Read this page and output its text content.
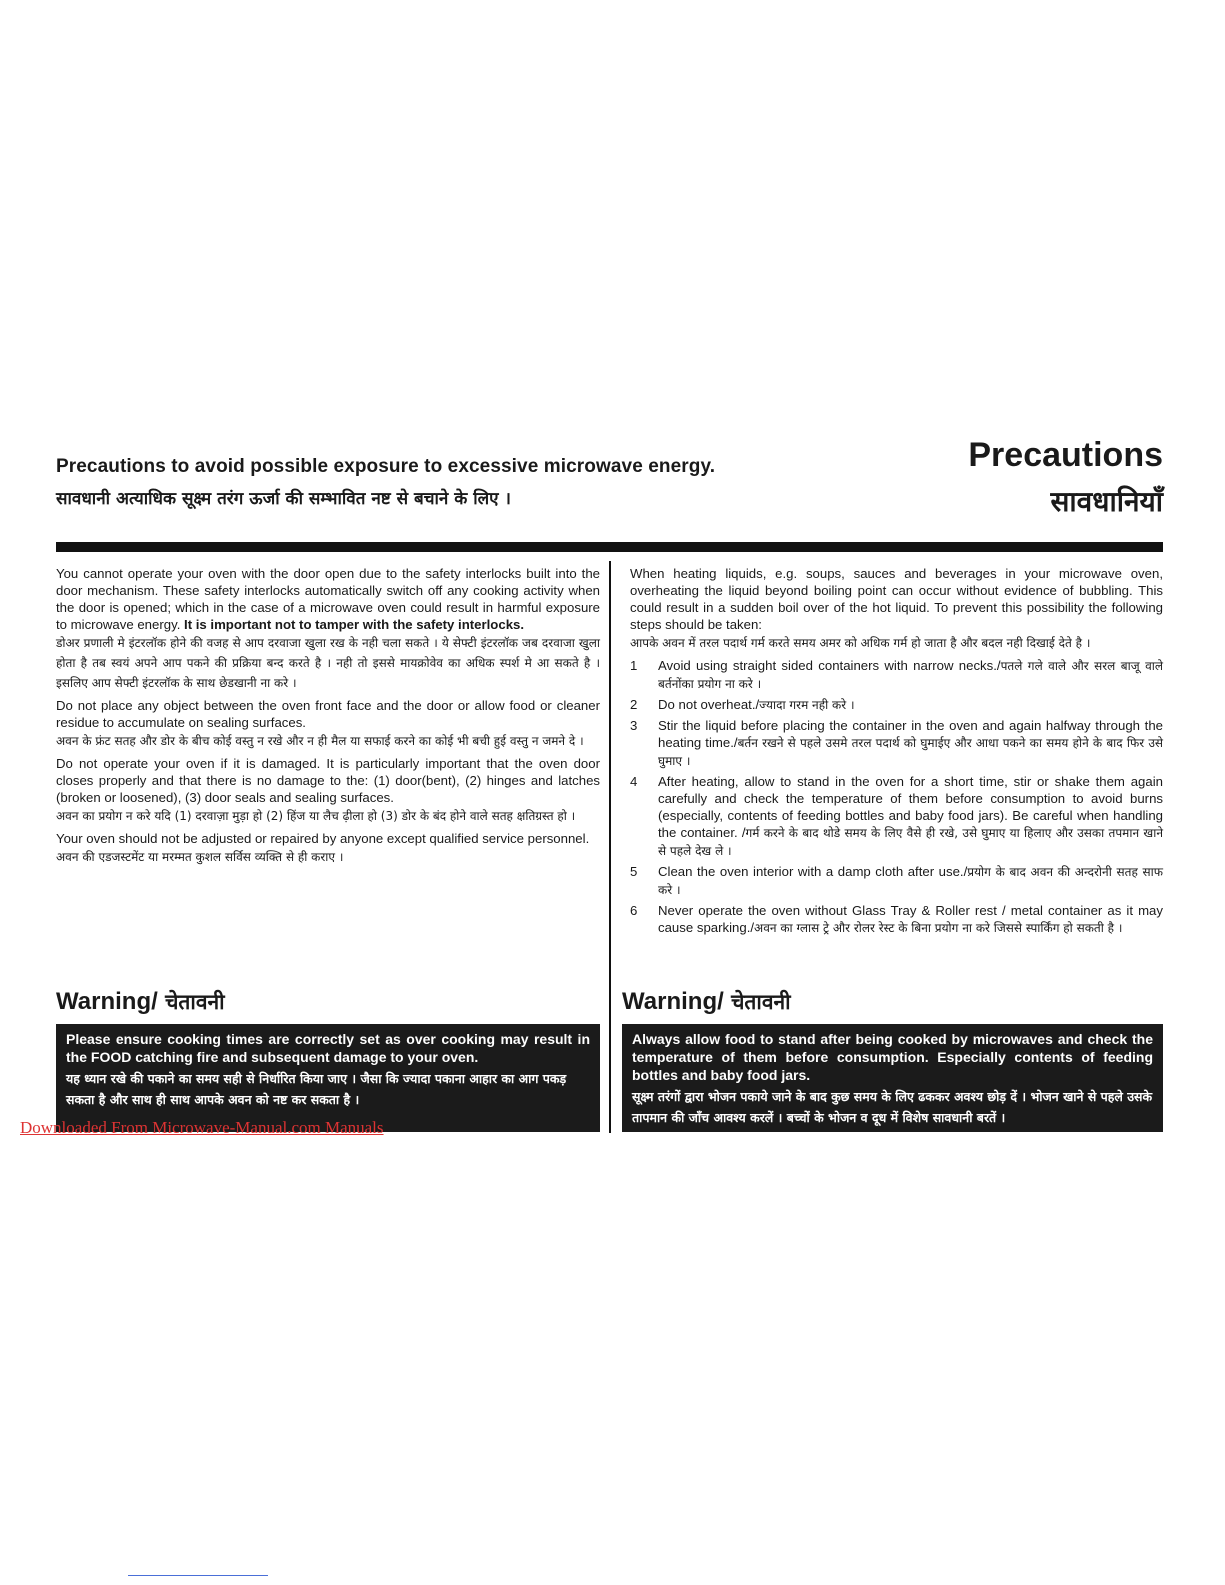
Precautions to avoid possible exposure to excessive microwave energy.
सावधानी अत्याधिक सूक्ष्म तरंग ऊर्जा की सम्भावित नष्ट से बचाने के लिए ।
Precautions
सावधानियाँ

You cannot operate your oven with the door open due to the safety interlocks built into the door mechanism. These safety interlocks automatically switch off any cooking activity when the door is opened; which in the case of a microwave oven could result in harmful exposure to microwave energy. It is important not to tamper with the safety interlocks.
डोअर प्रणाली मे इंटरलॉक होने की वजह से आप दरवाजा खुला रख के नही चला सकते । ये सेफ्टी इंटरलॉक जब दरवाजा खुला होता है तब स्वयं अपने आप पकने की प्रक्रिया बन्द करते है । नही तो इससे मायक्रोवेव का अधिक स्पर्श मे आ सकते है । इसलिए आप सेफ्टी इंटरलॉक के साथ छेडखानी ना करे ।

Do not place any object between the oven front face and the door or allow food or cleaner residue to accumulate on sealing surfaces.
अवन के फ्रंट सतह और डोर के बीच कोई वस्तु न रखे और न ही मैल या सफाई करने का कोई भी बची हुई वस्तु न जमने दे ।

Do not operate your oven if it is damaged. It is particularly important that the oven door closes properly and that there is no damage to the: (1) door(bent), (2) hinges and latches (broken or loosened), (3) door seals and sealing surfaces.
अवन का प्रयोग न करे यदि (1) दरवाज़ा मुड़ा हो (2) हिंज या लैच ढ़ीला हो (3) डोर के बंद होने वाले सतह क्षतिग्रस्त हो ।

Your oven should not be adjusted or repaired by anyone except qualified service personnel.
अवन की एडजस्टमेंट या मरम्मत कुशल सर्विस व्यक्ति से ही कराए ।

When heating liquids, e.g. soups, sauces and beverages in your microwave oven, overheating the liquid beyond boiling point can occur without evidence of bubbling. This could result in a sudden boil over of the hot liquid. To prevent this possibility the following steps should be taken:
आपके अवन में तरल पदार्थ गर्म करते समय अमर को अधिक गर्म हो जाता है और बदल नही दिखाई देते है ।

1 Avoid using straight sided containers with narrow necks./पतले गले वाले और सरल बाजू वाले बर्तनोंका प्रयोग ना करे ।
2 Do not overheat./ज्यादा गरम नही करे ।
3 Stir the liquid before placing the container in the oven and again halfway through the heating time./बर्तन रखने से पहले उसमे तरल पदार्थ को घुमाईए और आधा पकने का समय होने के बाद फिर उसे घुमाए ।
4 After heating, allow to stand in the oven for a short time, stir or shake them again carefully and check the temperature of them before consumption to avoid burns (especially, contents of feeding bottles and baby food jars). Be careful when handling the container. /गर्म करने के बाद थोडे समय के लिए वैसे ही रखे, उसे घुमाए या हिलाए और उसका तपमान खाने से पहले देख ले ।
5 Clean the oven interior with a damp cloth after use./प्रयोग के बाद अवन की अन्दरोनी सतह साफ करे ।
6 Never operate the oven without Glass Tray & Roller rest / metal container as it may cause sparking./अवन का ग्लास ट्रे और रोलर रेस्ट के बिना प्रयोग ना करे जिससे स्पार्किंग हो सकती है ।
Warning/ चेतावनी	Warning/ चेतावनी
Please ensure cooking times are correctly set as over cooking may result in the FOOD catching fire and subsequent damage to your oven.
यह ध्यान रखे की पकाने का समय सही से निर्धारित किया जाए । जैसा कि ज्यादा पकाना आहार का आग पकड़ सकता है और साथ ही साथ आपके अवन को नष्ट कर सकता है ।
Always allow food to stand after being cooked by microwaves and check the temperature of them before consumption. Especially contents of feeding bottles and baby food jars.
सूक्ष्म तरंगों द्वारा भोजन पकाये जाने के बाद कुछ समय के लिए ढककर अवश्य छोड़ दें । भोजन खाने से पहले उसके तापमान की जाँच आवश्य करलें । बच्चों के भोजन व दूध में विशेष सावधानी बरतें ।
Downloaded From Microwave-Manual.com Manuals
